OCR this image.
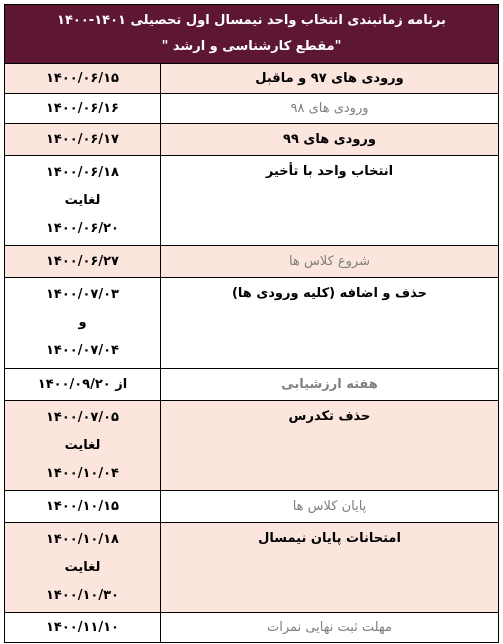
برنامه زمانبندی انتخاب واحد نیمسال اول تحصیلی ۱۴۰۱-۱۴۰۰
"مقطع کارشناسی و ارشد "	

ورودی های ۹۷ و ماقبل	۱۴۰۰/۰۶/۱۵

ورودی های ۹۸	۱۴۰۰/۰۶/۱۶

ورودی های ۹۹	۱۴۰۰/۰۶/۱۷

انتخاب واحد با تأخیر	۱۴۰۰/۰۶/۱۸
لغایت
۱۴۰۰/۰۶/۲۰

شروع کلاس ها	۱۴۰۰/۰۶/۲۷

حذف و اضافه (کلیه ورودی ها)	۱۴۰۰/۰۷/۰۳
و
۱۴۰۰/۰۷/۰۴

هفته ارزشیابی	از ۱۴۰۰/۰۹/۲۰

حذف تکدرس	۱۴۰۰/۰۷/۰۵
لغایت
۱۴۰۰/۱۰/۰۴

پایان کلاس ها	۱۴۰۰/۱۰/۱۵

امتحانات پایان نیمسال	۱۴۰۰/۱۰/۱۸
لغایت
۱۴۰۰/۱۰/۳۰

مهلت ثبت نهایی نمرات	۱۴۰۰/۱۱/۱۰
